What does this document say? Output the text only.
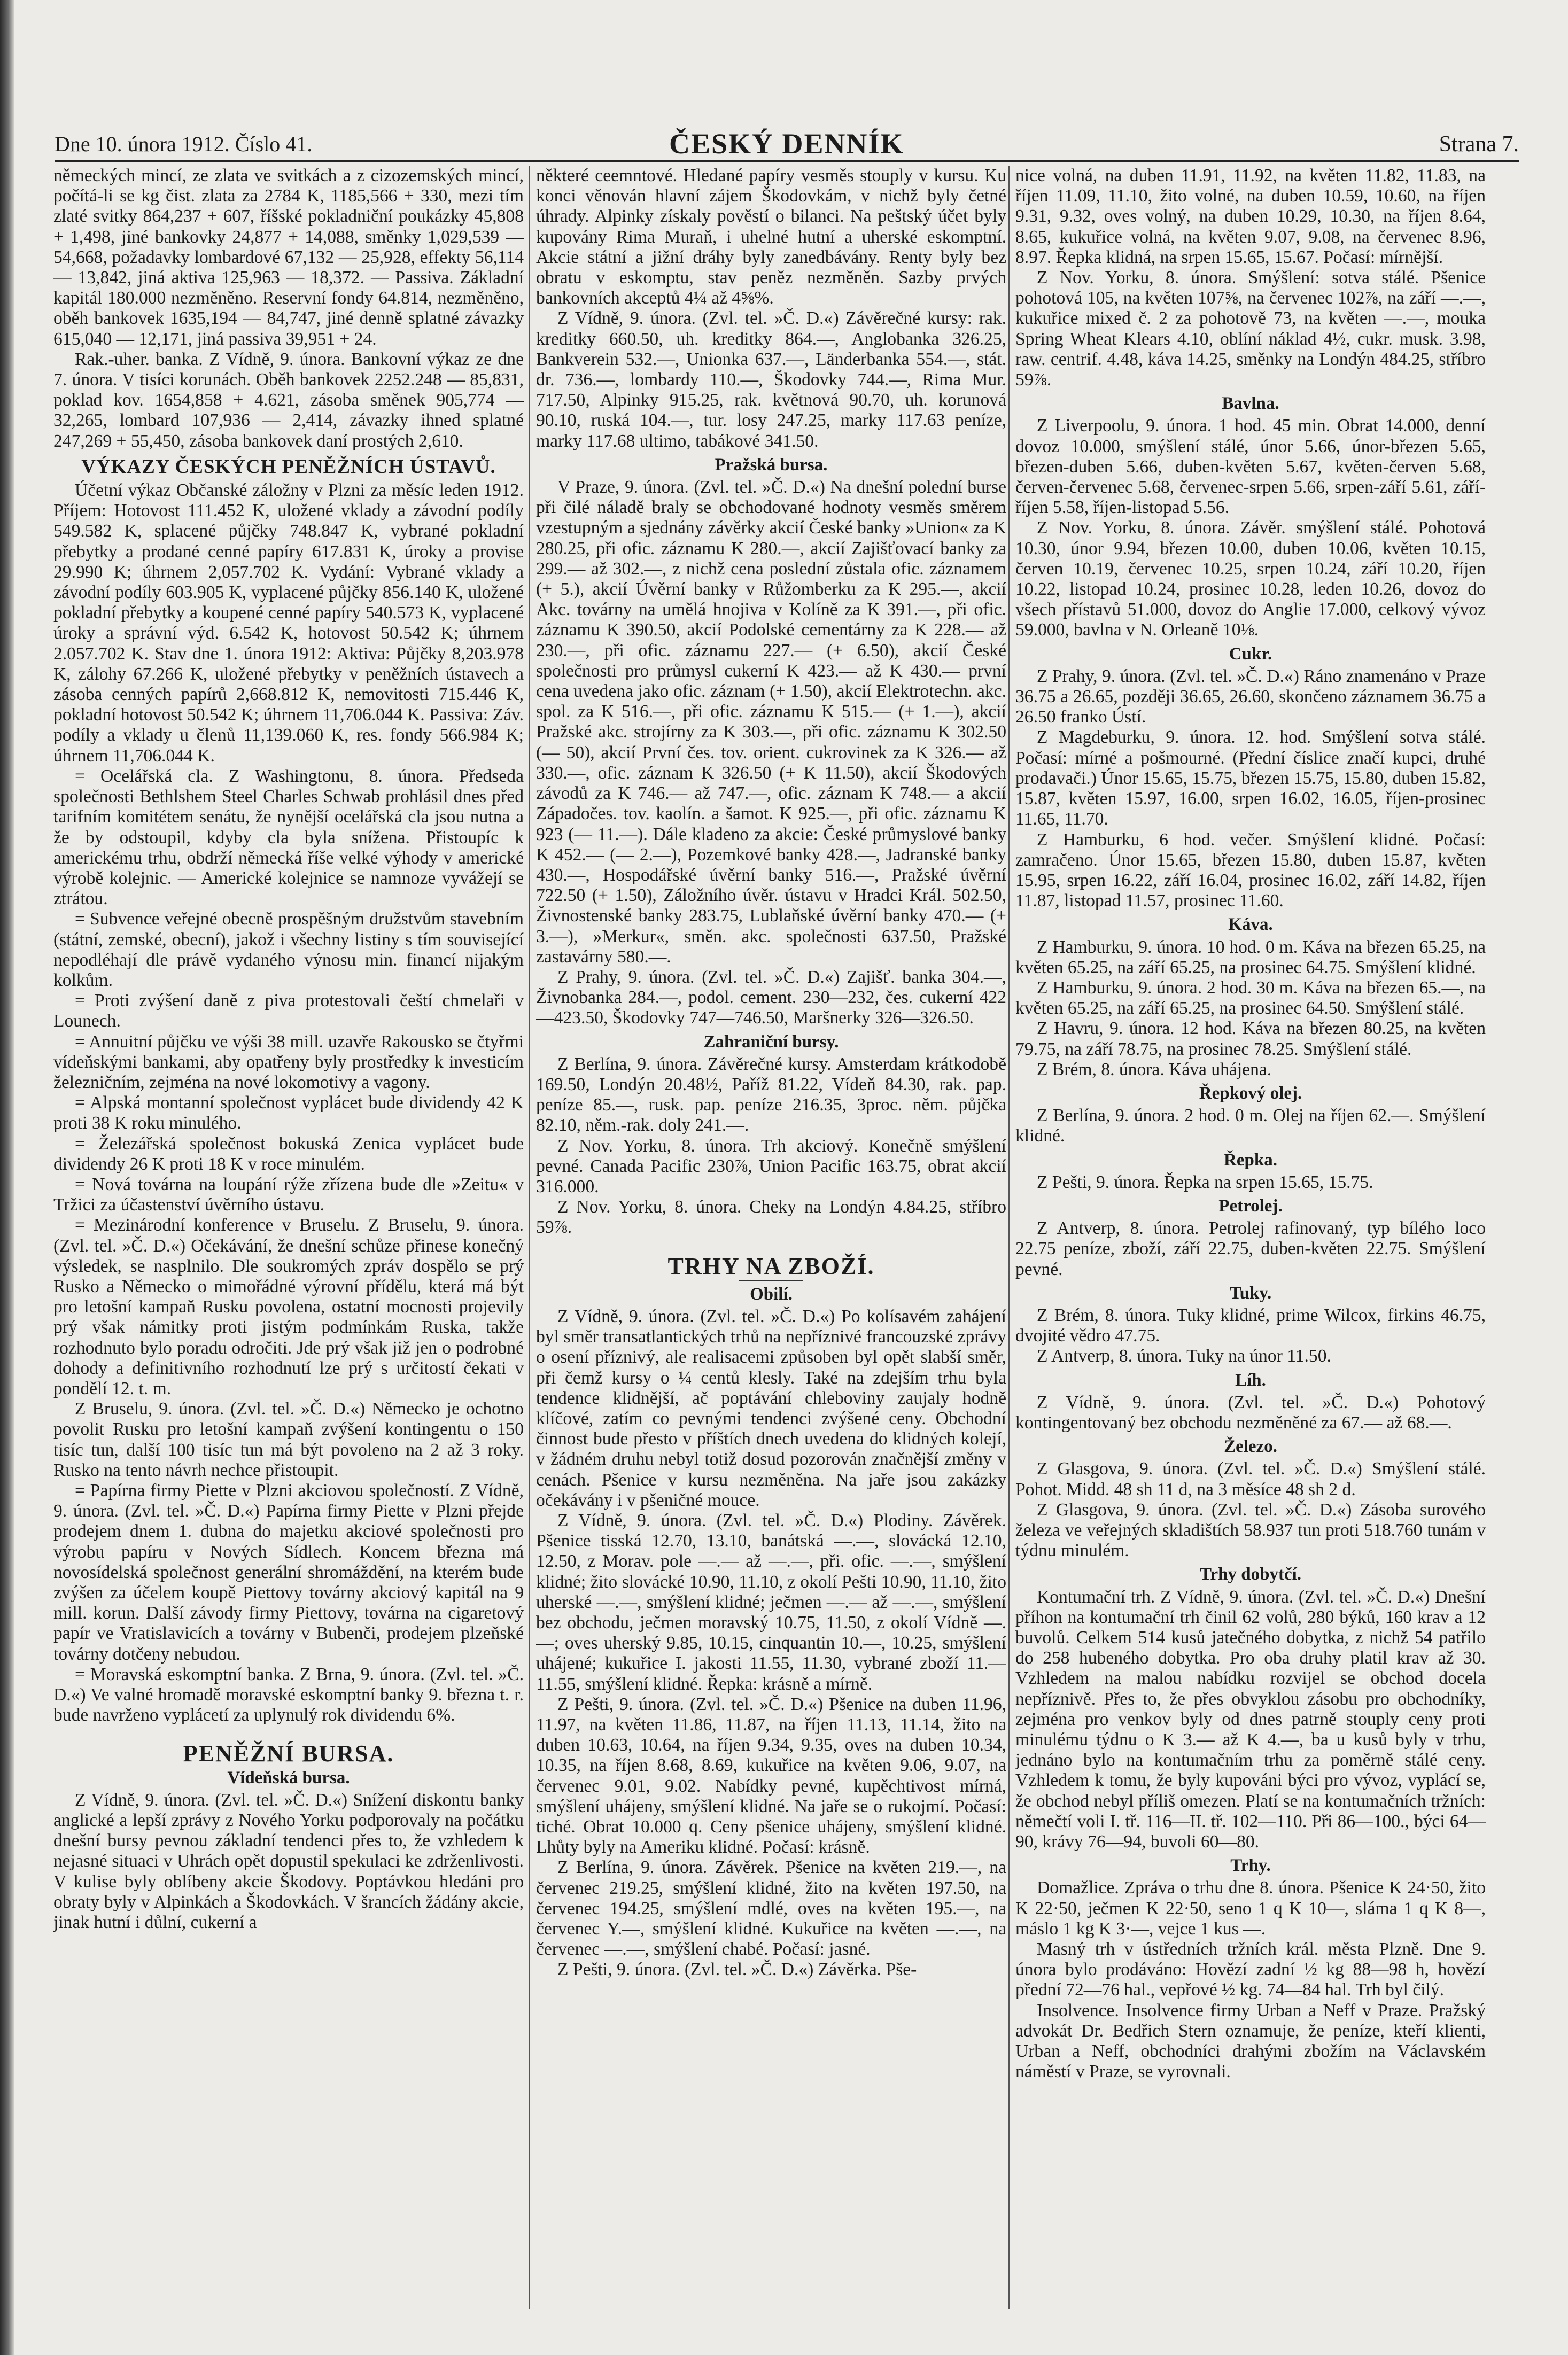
Dne 10. února 1912. Číslo 41.	ČESKÝ DENNÍK	Strana 7.

německých mincí, ze zlata ve svitkách a z cizozemských mincí, počítá-li se kg čist. zlata za 2784 K, 1185,566 + 330, mezi tím zlaté svitky 864,237 + 607, říšské pokladniční poukázky 45,808 + 1,498, jiné bankovky 24,877 + 14,088, směnky 1,029,539 — 54,668, požadavky lombardové 67,132 — 25,928, effekty 56,114 — 13,842, jiná aktiva 125,963 — 18,372. — Passiva. Základní kapitál 180.000 nezměněno. Reservní fondy 64.814, nezměněno, oběh bankovek 1635,194 — 84,747, jiné denně splatné závazky 615,040 — 12,171, jiná passiva 39,951 + 24.

Rak.-uher. banka. Z Vídně, 9. února. Bankovní výkaz ze dne 7. února. V tisíci korunách. Oběh bankovek 2252.248 — 85,831, poklad kov. 1654,858 + 4.621, zásoba směnek 905,774 — 32,265, lombard 107,936 — 2,414, závazky ihned splatné 247,269 + 55,450, zásoba bankovek daní prostých 2,610.

VÝKAZY ČESKÝCH PENĚŽNÍCH ÚSTAVŮ.

Účetní výkaz Občanské záložny v Plzni za měsíc leden 1912. Příjem: Hotovost 111.452 K, uložené vklady a závodní podíly 549.582 K, splacené půjčky 748.847 K, vybrané pokladní přebytky a prodané cenné papíry 617.831 K, úroky a provise 29.990 K; úhrnem 2,057.702 K. Vydání: Vybrané vklady a závodní podíly 603.905 K, vyplacené půjčky 856.140 K, uložené pokladní přebytky a koupené cenné papíry 540.573 K, vyplacené úroky a správní výd. 6.542 K, hotovost 50.542 K; úhrnem 2.057.702 K. Stav dne 1. února 1912: Aktiva: Půjčky 8,203.978 K, zálohy 67.266 K, uložené přebytky v peněžních ústavech a zásoba cenných papírů 2,668.812 K, nemovitosti 715.446 K, pokladní hotovost 50.542 K; úhrnem 11,706.044 K. Passiva: Záv. podíly a vklady u členů 11,139.060 K, res. fondy 566.984 K; úhrnem 11,706.044 K.

= Ocelářská cla. Z Washingtonu, 8. února. Předseda společnosti Bethlshem Steel Charles Schwab prohlásil dnes před tarifním komitétem senátu, že nynější ocelářská cla jsou nutna a že by odstoupil, kdyby cla byla snížena. Přistoupíc k americkému trhu, obdrží německá říše velké výhody v americké výrobě kolejnic. — Americké kolejnice se namnoze vyvážejí se ztrátou.

= Subvence veřejné obecně prospěšným družstvům stavebním (státní, zemské, obecní), jakož i všechny listiny s tím související nepodléhají dle právě vydaného výnosu min. financí nijakým kolkům.

= Proti zvýšení daně z piva protestovali čeští chmelaři v Lounech.

= Annuitní půjčku ve výši 38 mill. uzavře Rakousko se čtyřmi vídeňskými bankami, aby opatřeny byly prostředky k investicím železničním, zejména na nové lokomotivy a vagony.

= Alpská montanní společnost vyplácet bude dividendy 42 K proti 38 K roku minulého.

= Železářská společnost bokuská Zenica vyplácet bude dividendy 26 K proti 18 K v roce minulém.

= Nová továrna na loupání rýže zřízena bude dle »Zeitu« v Tržici za účastenství úvěrního ústavu.

= Mezinárodní konference v Bruselu. Z Bruselu, 9. února. (Zvl. tel. »Č. D.«) Očekávání, že dnešní schůze přinese konečný výsledek, se nasplnilo. Dle soukromých zpráv dospělo se prý Rusko a Německo o mimořádné výrovní přídělu, která má být pro letošní kampaň Rusku povolena, ostatní mocnosti projevily prý však námitky proti jistým podmínkám Ruska, takže rozhodnuto bylo poradu odročiti. Jde prý však již jen o podrobné dohody a definitivního rozhodnutí lze prý s určitostí čekati v pondělí 12. t. m.

Z Bruselu, 9. února. (Zvl. tel. »Č. D.«) Německo je ochotno povolit Rusku pro letošní kampaň zvýšení kontingentu o 150 tisíc tun, další 100 tisíc tun má být povoleno na 2 až 3 roky. Rusko na tento návrh nechce přistoupit.

= Papírna firmy Piette v Plzni akciovou společností. Z Vídně, 9. února. (Zvl. tel. »Č. D.«) Papírna firmy Piette v Plzni přejde prodejem dnem 1. dubna do majetku akciové společnosti pro výrobu papíru v Nových Sídlech. Koncem března má novosídelská společnost generální shromáždění, na kterém bude zvýšen za účelem koupě Piettovy továrny akciový kapitál na 9 mill. korun. Další závody firmy Piettovy, továrna na cigaretový papír ve Vratislavicích a továrny v Bubenči, prodejem plzeňské továrny dotčeny nebudou.

= Moravská eskomptní banka. Z Brna, 9. února. (Zvl. tel. »Č. D.«) Ve valné hromadě moravské eskomptní banky 9. března t. r. bude navrženo vyplácetí za uplynulý rok dividendu 6%.

PENĚŽNÍ BURSA.
Vídeňská bursa.

Z Vídně, 9. února. (Zvl. tel. »Č. D.«) Snížení diskontu banky anglické a lepší zprávy z Nového Yorku podporovaly na počátku dnešní bursy pevnou základní tendenci přes to, že vzhledem k nejasné situaci v Uhrách opět dopustil spekulaci ke zdrženlivosti. V kulise byly oblíbeny akcie Škodovy. Poptávkou hledáni pro obraty byly v Alpinkách a Škodovkách. V šrancích žádány akcie, jinak hutní i důlní, cukerní a

některé ceemntové. Hledané papíry vesměs stouply v kursu. Ku konci věnován hlavní zájem Škodovkám, v nichž byly četné úhrady. Alpinky získaly pověstí o bilanci. Na peštský účet byly kupovány Rima Muraň, i uhelné hutní a uherské eskomptní. Akcie státní a jižní dráhy byly zanedbávány. Renty byly bez obratu v eskomptu, stav peněz nezměněn. Sazby prvých bankovních akceptů 4¼ až 4⅝%.

Z Vídně, 9. února. (Zvl. tel. »Č. D.«) Závěrečné kursy: rak. kreditky 660.50, uh. kreditky 864.—, Anglobanka 326.25, Bankverein 532.—, Unionka 637.—, Länderbanka 554.—, stát. dr. 736.—, lombardy 110.—, Škodovky 744.—, Rima Mur. 717.50, Alpinky 915.25, rak. květnová 90.70, uh. korunová 90.10, ruská 104.—, tur. losy 247.25, marky 117.63 peníze, marky 117.68 ultimo, tabákové 341.50.

Pražská bursa.

V Praze, 9. února. (Zvl. tel. »Č. D.«) Na dnešní polední burse při čilé náladě braly se obchodované hodnoty vesměs směrem vzestupným a sjednány závěrky akcií České banky »Union« za K 280.25, při ofic. záznamu K 280.—, akcií Zajišťovací banky za 299.— až 302.—, z nichž cena poslední zůstala ofic. záznamem (+ 5.), akcií Úvěrní banky v Růžomberku za K 295.—, akcií Akc. továrny na umělá hnojiva v Kolíně za K 391.—, při ofic. záznamu K 390.50, akcií Podolské cementárny za K 228.— až 230.—, při ofic. záznamu 227.— (+ 6.50), akcií České společnosti pro průmysl cukerní K 423.— až K 430.— první cena uvedena jako ofic. záznam (+ 1.50), akcií Elektrotechn. akc. spol. za K 516.—, při ofic. záznamu K 515.— (+ 1.—), akcií Pražské akc. strojírny za K 303.—, při ofic. záznamu K 302.50 (— 50), akcií První čes. tov. orient. cukrovinek za K 326.— až 330.—, ofic. záznam K 326.50 (+ K 11.50), akcií Škodových závodů za K 746.— až 747.—, ofic. záznam K 748.— a akcií Západočes. tov. kaolín. a šamot. K 925.—, při ofic. záznamu K 923 (— 11.—). Dále kladeno za akcie: České průmyslové banky K 452.— (— 2.—), Pozemkové banky 428.—, Jadranské banky 430.—, Hospodářské úvěrní banky 516.—, Pražské úvěrní 722.50 (+ 1.50), Záložního úvěr. ústavu v Hradci Král. 502.50, Živnostenské banky 283.75, Lublaňské úvěrní banky 470.— (+ 3.—), »Merkur«, směn. akc. společnosti 637.50, Pražské zastavárny 580.—.

Z Prahy, 9. února. (Zvl. tel. »Č. D.«) Zajišť. banka 304.—, Živnobanka 284.—, podol. cement. 230—232, čes. cukerní 422—423.50, Škodovky 747—746.50, Maršnerky 326—326.50.

Zahraniční bursy.

Z Berlína, 9. února. Závěrečné kursy. Amsterdam krátkodobě 169.50, Londýn 20.48½, Paříž 81.22, Vídeň 84.30, rak. pap. peníze 85.—, rusk. pap. peníze 216.35, 3proc. něm. půjčka 82.10, něm.-rak. doly 241.—.

Z Nov. Yorku, 8. února. Trh akciový. Konečně smýšlení pevné. Canada Pacific 230⅞, Union Pacific 163.75, obrat akcií 316.000.

Z Nov. Yorku, 8. února. Cheky na Londýn 4.84.25, stříbro 59⅞.

TRHY NA ZBOŽÍ.
Obilí.

Z Vídně, 9. února. (Zvl. tel. »Č. D.«) Po kolísavém zahájení byl směr transatlantických trhů na nepříznivé francouzské zprávy o osení příznivý, ale realisacemi způsoben byl opět slabší směr, při čemž kursy o ¼ centů klesly. Také na zdejším trhu byla tendence klidnější, ač poptávání chlebovinу zaujaly hodně klíčové, zatím co pevnými tendenci zvýšené ceny. Obchodní činnost bude přesto v příštích dnech uvedena do klidných kolejí, v žádném druhu nebyl totiž dosud pozorován značnější změny v cenách. Pšenice v kursu nezměněna. Na jaře jsou zakázky očekávány i v pšeničné mouce.

Z Vídně, 9. února. (Zvl. tel. »Č. D.«) Plodiny. Závěrek. Pšenice tisská 12.70, 13.10, banátská —.—, slovácká 12.10, 12.50, z Morav. pole —.— až —.—, při. ofic. —.—, smýšlení klidné; žito slovácké 10.90, 11.10, z okolí Pešti 10.90, 11.10, žito uherské —.—, smýšlení klidné; ječmen —.— až —.—, smýšlení bez obchodu, ječmen moravský 10.75, 11.50, z okolí Vídně —.—; oves uherský 9.85, 10.15, cinquantin 10.—, 10.25, smýšlení uhájené; kukuřice I. jakosti 11.55, 11.30, vybrané zboží 11.— 11.55, smýšlení klidné. Řepka: krásně a mírně.

Z Pešti, 9. února. (Zvl. tel. »Č. D.«) Pšenice na duben 11.96, 11.97, na květen 11.86, 11.87, na říjen 11.13, 11.14, žito na duben 10.63, 10.64, na říjen 9.34, 9.35, oves na duben 10.34, 10.35, na říjen 8.68, 8.69, kukuřice na květen 9.06, 9.07, na červenec 9.01, 9.02. Nabídky pevné, kupěchtivost mírná, smýšlení uhájeny, smýšlení klidné. Na jaře se o rukojmí. Počasí: tiché. Obrat 10.000 q. Ceny pšenice uhájeny, smýšlení klidné. Lhůty byly na Ameriku klidné. Počasí: krásně.

Z Berlína, 9. února. Závěrek. Pšenice na květen 219.—, na červenec 219.25, smýšlení klidné, žito na květen 197.50, na červenec 194.25, smýšlení mdlé, oves na květen 195.—, na červenec Y.—, smýšlení klidné. Kukuřice na květen —.—, na červenec —.—, smýšlení chabé. Počasí: jasné.

Z Pešti, 9. února. (Zvl. tel. »Č. D.«) Závěrka. Pše-

nice volná, na duben 11.91, 11.92, na květen 11.82, 11.83, na říjen 11.09, 11.10, žito volné, na duben 10.59, 10.60, na říjen 9.31, 9.32, oves volný, na duben 10.29, 10.30, na říjen 8.64, 8.65, kukuřice volná, na květen 9.07, 9.08, na červenec 8.96, 8.97. Řepka klidná, na srpen 15.65, 15.67. Počasí: mírnější.

Z Nov. Yorku, 8. února. Smýšlení: sotva stálé. Pšenice pohotová 105, na květen 107⅝, na červenec 102⅞, na září —.—, kukuřice mixed č. 2 za pohotově 73, na květen —.—, mouka Spring Wheat Klears 4.10, oblíní náklad 4½, cukr. musk. 3.98, raw. centrif. 4.48, káva 14.25, směnky na Londýn 484.25, stříbro 59⅞.

Bavlna.

Z Liverpoolu, 9. února. 1 hod. 45 min. Obrat 14.000, denní dovoz 10.000, smýšlení stálé, únor 5.66, únor-březen 5.65, březen-duben 5.66, duben-květen 5.67, květen-červen 5.68, červen-červenec 5.68, červenec-srpen 5.66, srpen-září 5.61, září-říjen 5.58, říjen-listopad 5.56.

Z Nov. Yorku, 8. února. Závěr. smýšlení stálé. Pohotová 10.30, únor 9.94, březen 10.00, duben 10.06, květen 10.15, červen 10.19, červenec 10.25, srpen 10.24, září 10.20, říjen 10.22, listopad 10.24, prosinec 10.28, leden 10.26, dovoz do všech přístavů 51.000, dovoz do Anglie 17.000, celkový vývoz 59.000, bavlna v N. Orleaně 10⅛.

Cukr.

Z Prahy, 9. února. (Zvl. tel. »Č. D.«) Ráno znamenáno v Praze 36.75 a 26.65, později 36.65, 26.60, skončeno záznamem 36.75 a 26.50 franko Ústí.

Z Magdeburku, 9. února. 12. hod. Smýšlení sotva stálé. Počasí: mírné a pošmourné. (Přední číslice značí kupci, druhé prodavači.) Únor 15.65, 15.75, březen 15.75, 15.80, duben 15.82, 15.87, květen 15.97, 16.00, srpen 16.02, 16.05, říjen-prosinec 11.65, 11.70.

Z Hamburku, 6 hod. večer. Smýšlení klidné. Počasí: zamračeno. Únor 15.65, březen 15.80, duben 15.87, květen 15.95, srpen 16.22, září 16.04, prosinec 16.02, září 14.82, říjen 11.87, listopad 11.57, prosinec 11.60.

Káva.

Z Hamburku, 9. února. 10 hod. 0 m. Káva na březen 65.25, na květen 65.25, na září 65.25, na prosinec 64.75. Smýšlení klidné.

Z Hamburku, 9. února. 2 hod. 30 m. Káva na březen 65.—, na květen 65.25, na září 65.25, na prosinec 64.50. Smýšlení stálé.

Z Havru, 9. února. 12 hod. Káva na březen 80.25, na květen 79.75, na září 78.75, na prosinec 78.25. Smýšlení stálé.

Z Brém, 8. února. Káva uhájena.

Řepkový olej.

Z Berlína, 9. února. 2 hod. 0 m. Olej na říjen 62.—. Smýšlení klidné.

Řepka.

Z Pešti, 9. února. Řepka na srpen 15.65, 15.75.

Petrolej.

Z Antverp, 8. února. Petrolej rafinovaný, typ bílého loco 22.75 peníze, zboží, září 22.75, duben-květen 22.75. Smýšlení pevné.

Tuky.

Z Brém, 8. února. Tuky klidné, prime Wilcox, firkins 46.75, dvojité vědro 47.75.

Z Antverp, 8. února. Tuky na únor 11.50.

Líh.

Z Vídně, 9. února. (Zvl. tel. »Č. D.«) Pohotový kontingentovaný bez obchodu nezměněné za 67.— až 68.—.

Železo.

Z Glasgova, 9. února. (Zvl. tel. »Č. D.«) Smýšlení stálé. Pohot. Midd. 48 sh 11 d, na 3 měsíce 48 sh 2 d.

Z Glasgova, 9. února. (Zvl. tel. »Č. D.«) Zásoba surového železa ve veřejných skladištích 58.937 tun proti 518.760 tunám v týdnu minulém.

Trhy dobytčí.

Kontumační trh. Z Vídně, 9. února. (Zvl. tel. »Č. D.«) Dnešní příhon na kontumační trh činil 62 volů, 280 býků, 160 krav a 12 buvolů. Celkem 514 kusů jatečného dobytka, z nichž 54 patřilo do 258 hubeného dobytka. Pro oba druhy platil krav až 30. Vzhledem na malou nabídku rozvijel se obchod docela nepříznivě. Přes to, že přes obvyklou zásobu pro obchodníky, zejména pro venkov byly od dnes patrně stouply ceny proti minulému týdnu o K 3.— až K 4.—, ba u kusů byly v trhu, jednáno bylo na kontumačním trhu za poměrně stálé ceny. Vzhledem k tomu, že byly kupováni býci pro vývoz, vyplácí se, že obchod nebyl příliš omezen. Platí se na kontumačních tržních: němečtí voli I. tř. 116—II. tř. 102—110. Při 86—100., býci 64—90, krávy 76—94, buvoli 60—80.

Trhy.

Domažlice. Zpráva o trhu dne 8. února. Pšenice K 24·50, žito K 22·50, ječmen K 22·50, seno 1 q K 10—, sláma 1 q K 8—, máslo 1 kg K 3·—, vejce 1 kus —.

Masný trh v ústředních tržních král. města Plzně. Dne 9. února bylo prodáváno: Hovězí zadní ½ kg 88—98 h, hovězí přední 72—76 hal., vepřové ½ kg. 74—84 hal. Trh byl čilý.

Insolvence. Insolvence firmy Urban a Neff v Praze. Pražský advokát Dr. Bedřich Stern oznamuje, že peníze, kteří klienti, Urban a Neff, obchodníci drahými zbožím na Václavském náměstí v Praze, se vyrovnali.
